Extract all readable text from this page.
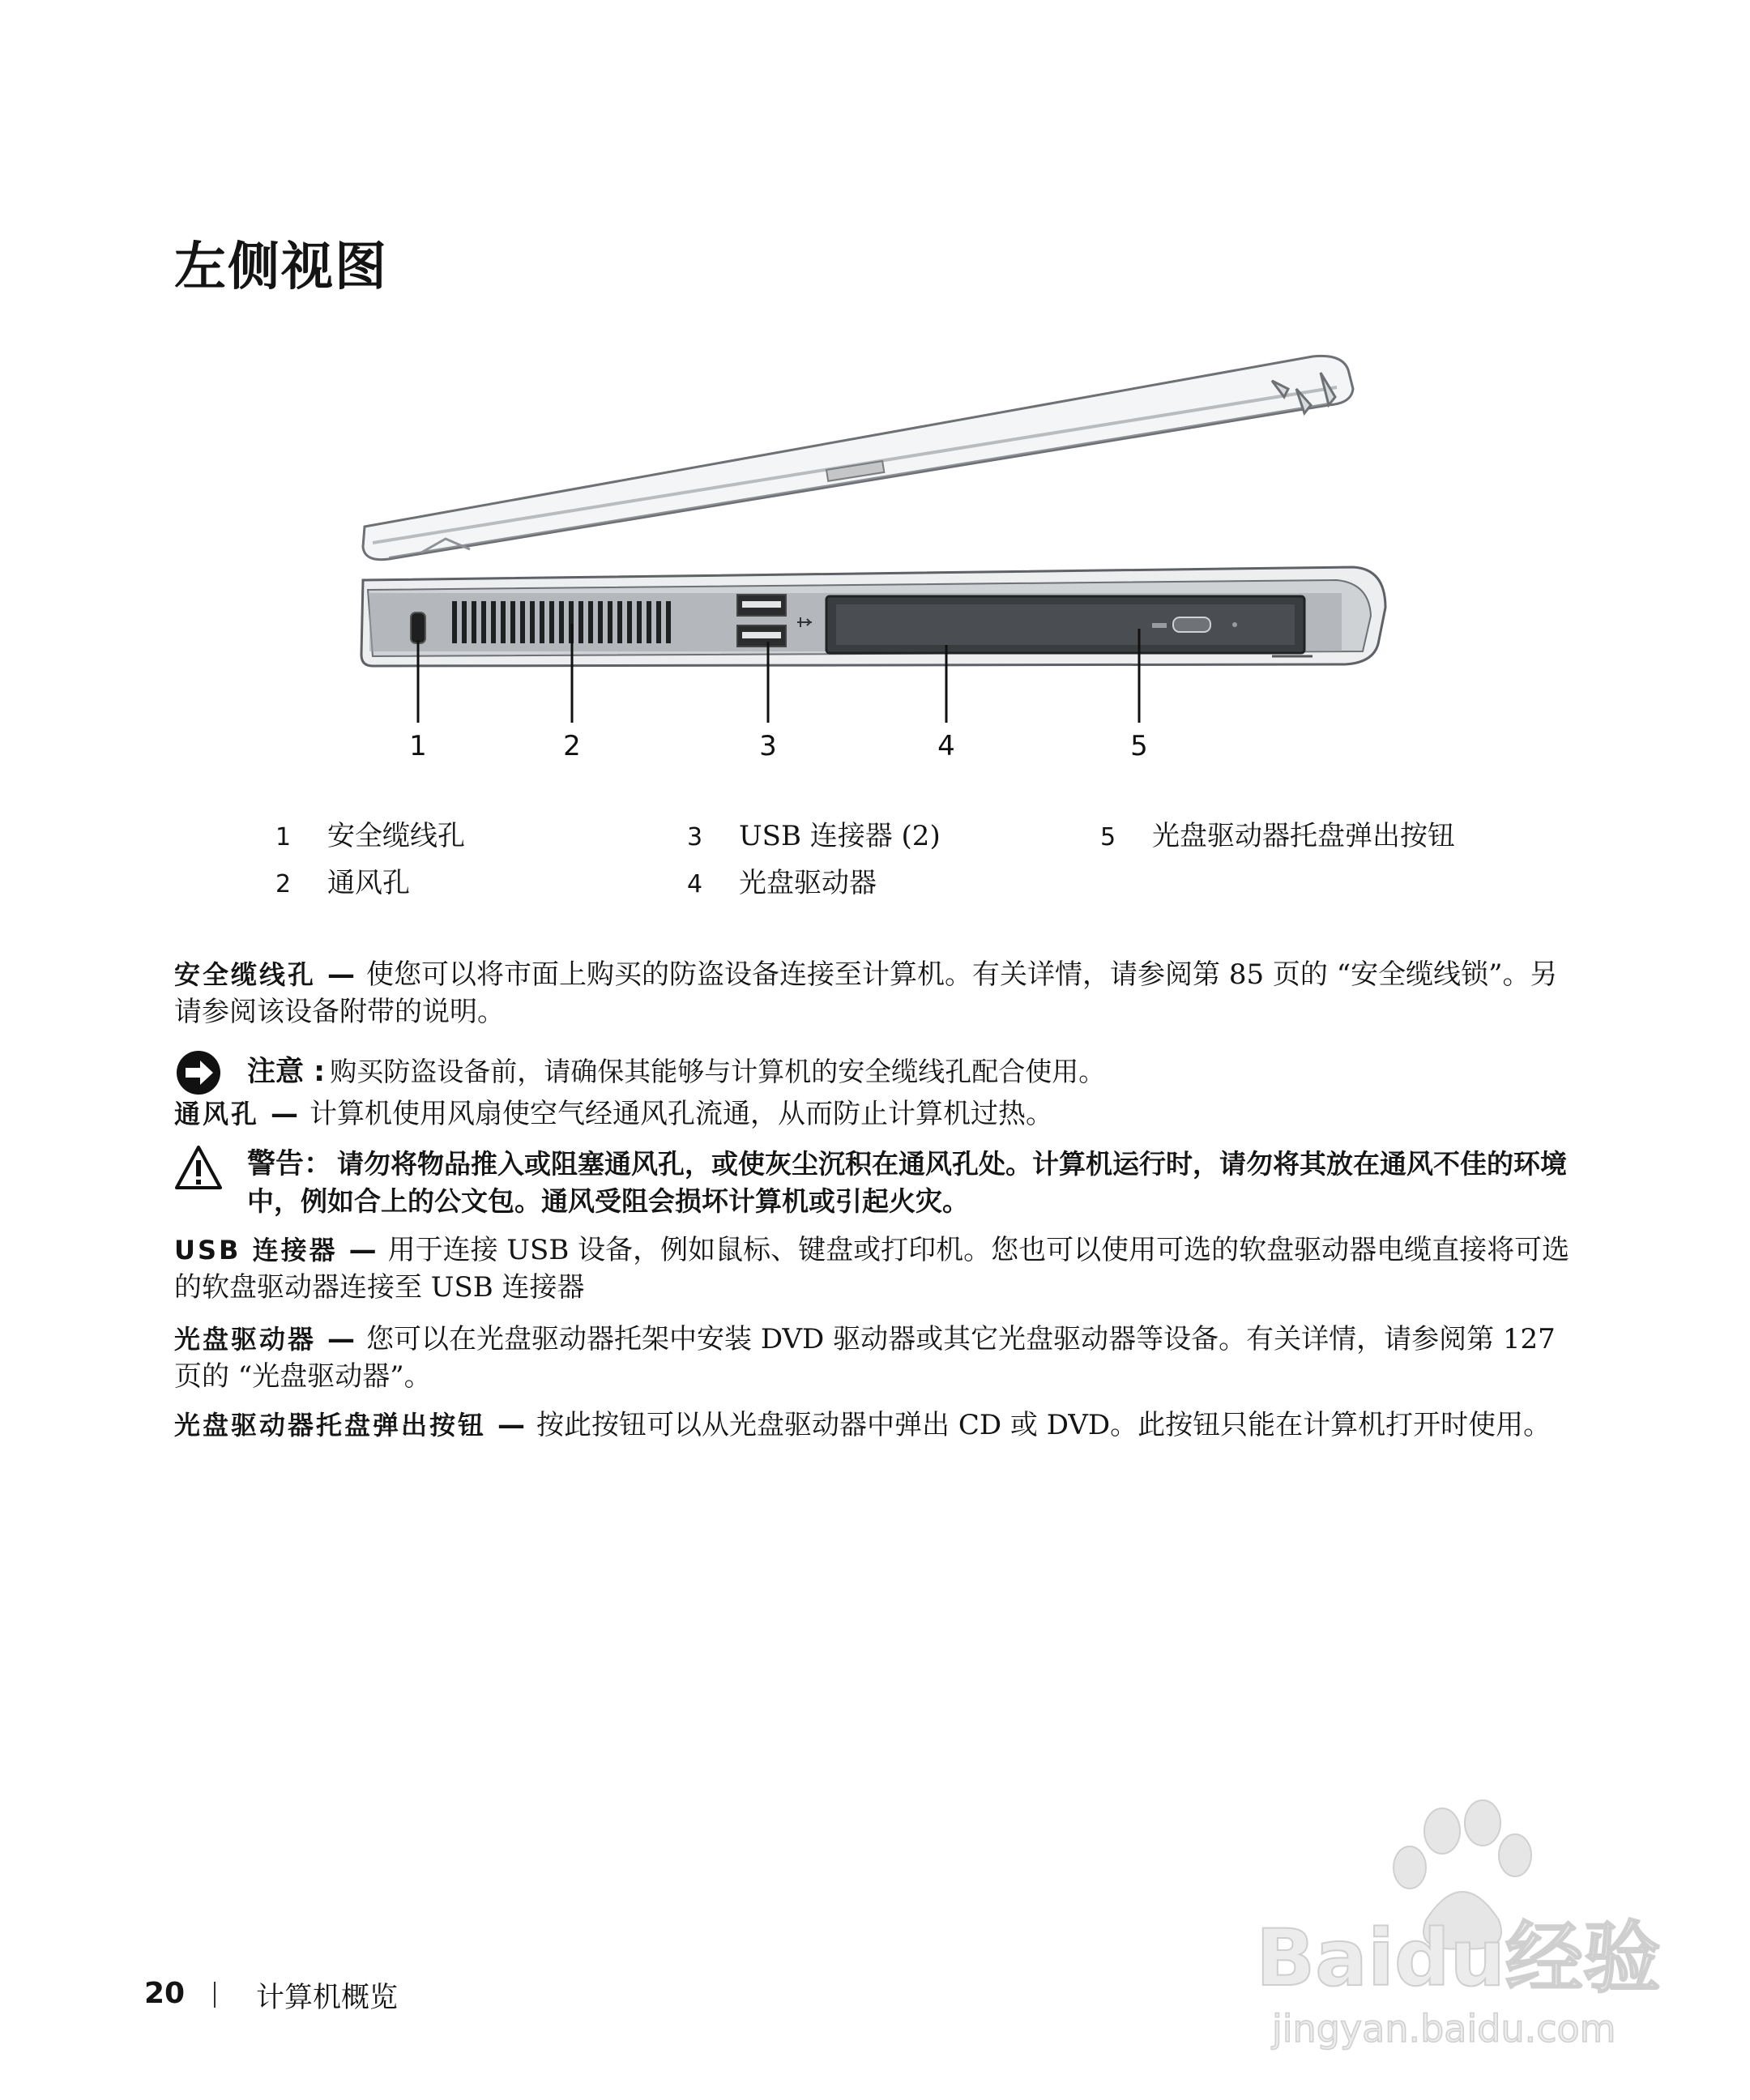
左侧视图
1	2	3	4	5
1 安全缆线孔
2 通风孔
3 USB 连接器 (2)
4 光盘驱动器
5 光盘驱动器托盘弹出按钮
安全缆线孔 — 使您可以将市面上购买的防盗设备连接至计算机。有关详情，请参阅第 85 页的 “安全缆线锁”。另请参阅该设备附带的说明。
注意 : 购买防盗设备前，请确保其能够与计算机的安全缆线孔配合使用。
通风孔 — 计算机使用风扇使空气经通风孔流通，从而防止计算机过热。
警告： 请勿将物品推入或阻塞通风孔，或使灰尘沉积在通风孔处。计算机运行时，请勿将其放在通风不佳的环境中，例如合上的公文包。通风受阻会损坏计算机或引起火灾。
USB 连接器 — 用于连接 USB 设备，例如鼠标、键盘或打印机。您也可以使用可选的软盘驱动器电缆直接将可选的软盘驱动器连接至 USB 连接器
光盘驱动器 — 您可以在光盘驱动器托架中安装 DVD 驱动器或其它光盘驱动器等设备。有关详情，请参阅第 127 页的 “光盘驱动器”。
光盘驱动器托盘弹出按钮 — 按此按钮可以从光盘驱动器中弹出 CD 或 DVD。此按钮只能在计算机打开时使用。
20	计算机概览	Baidu经验
jingyan.baidu.com
